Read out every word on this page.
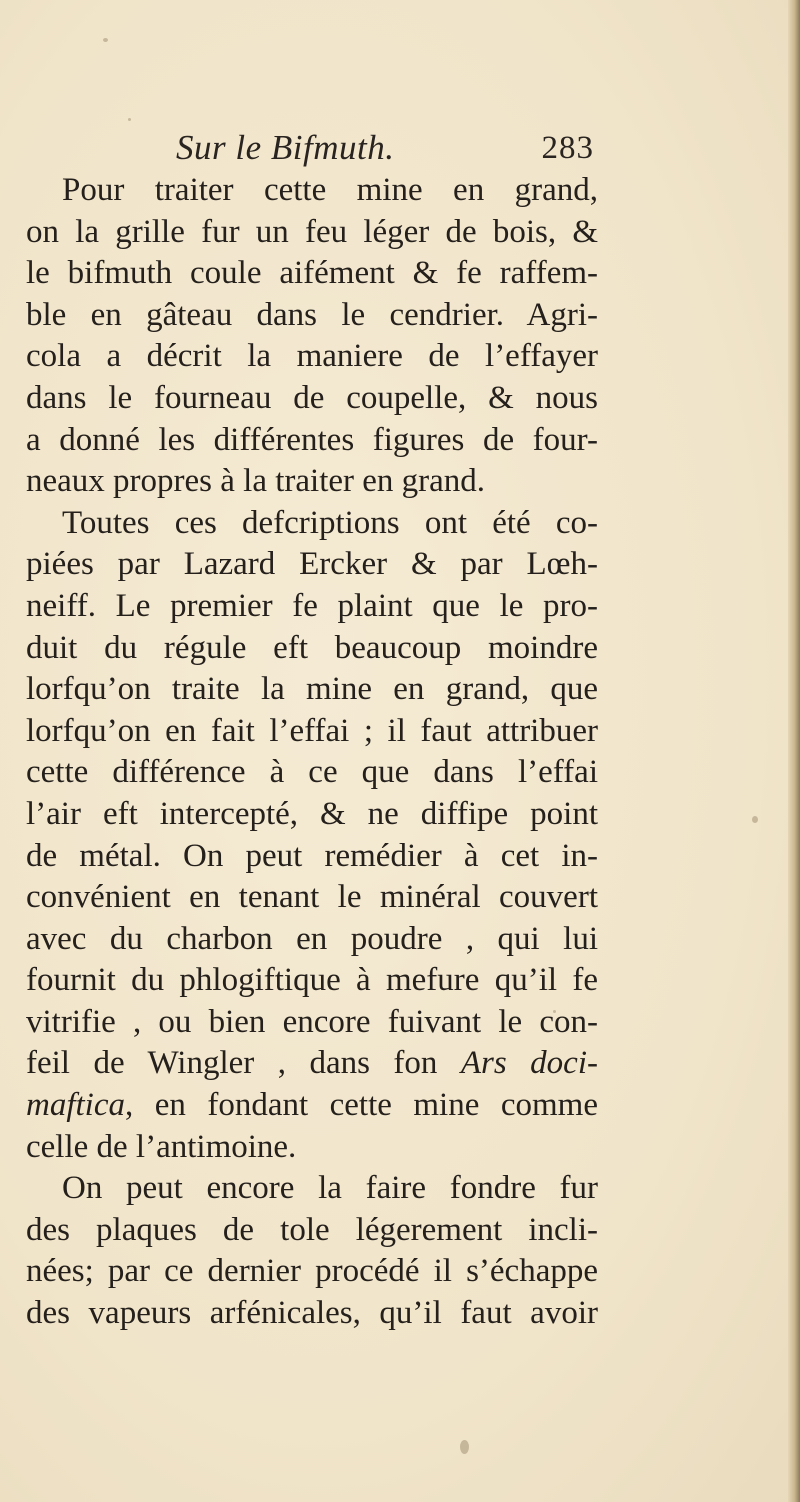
Sur le Bifmuth.	283
Pour traiter cette mine en grand,
on la grille fur un feu léger de bois, &
le bifmuth coule aifément & fe raffem-
ble en gâteau dans le cendrier. Agri-
cola a décrit la maniere de l’effayer
dans le fourneau de coupelle, & nous
a donné les différentes figures de four-
neaux propres à la traiter en grand.
Toutes ces defcriptions ont été co-
piées par Lazard Ercker & par Lœh-
neiff. Le premier fe plaint que le pro-
duit du régule eft beaucoup moindre
lorfqu’on traite la mine en grand, que
lorfqu’on en fait l’effai ; il faut attribuer
cette différence à ce que dans l’effai
l’air eft intercepté, & ne diffipe point
de métal. On peut remédier à cet in-
convénient en tenant le minéral couvert
avec du charbon en poudre , qui lui
fournit du phlogiftique à mefure qu’il fe
vitrifie , ou bien encore fuivant le con-
feil de Wingler , dans fon Ars doci-
maftica, en fondant cette mine comme
celle de l’antimoine.
On peut encore la faire fondre fur
des plaques de tole légerement incli-
nées; par ce dernier procédé il s’échappe
des vapeurs arfénicales, qu’il faut avoir
